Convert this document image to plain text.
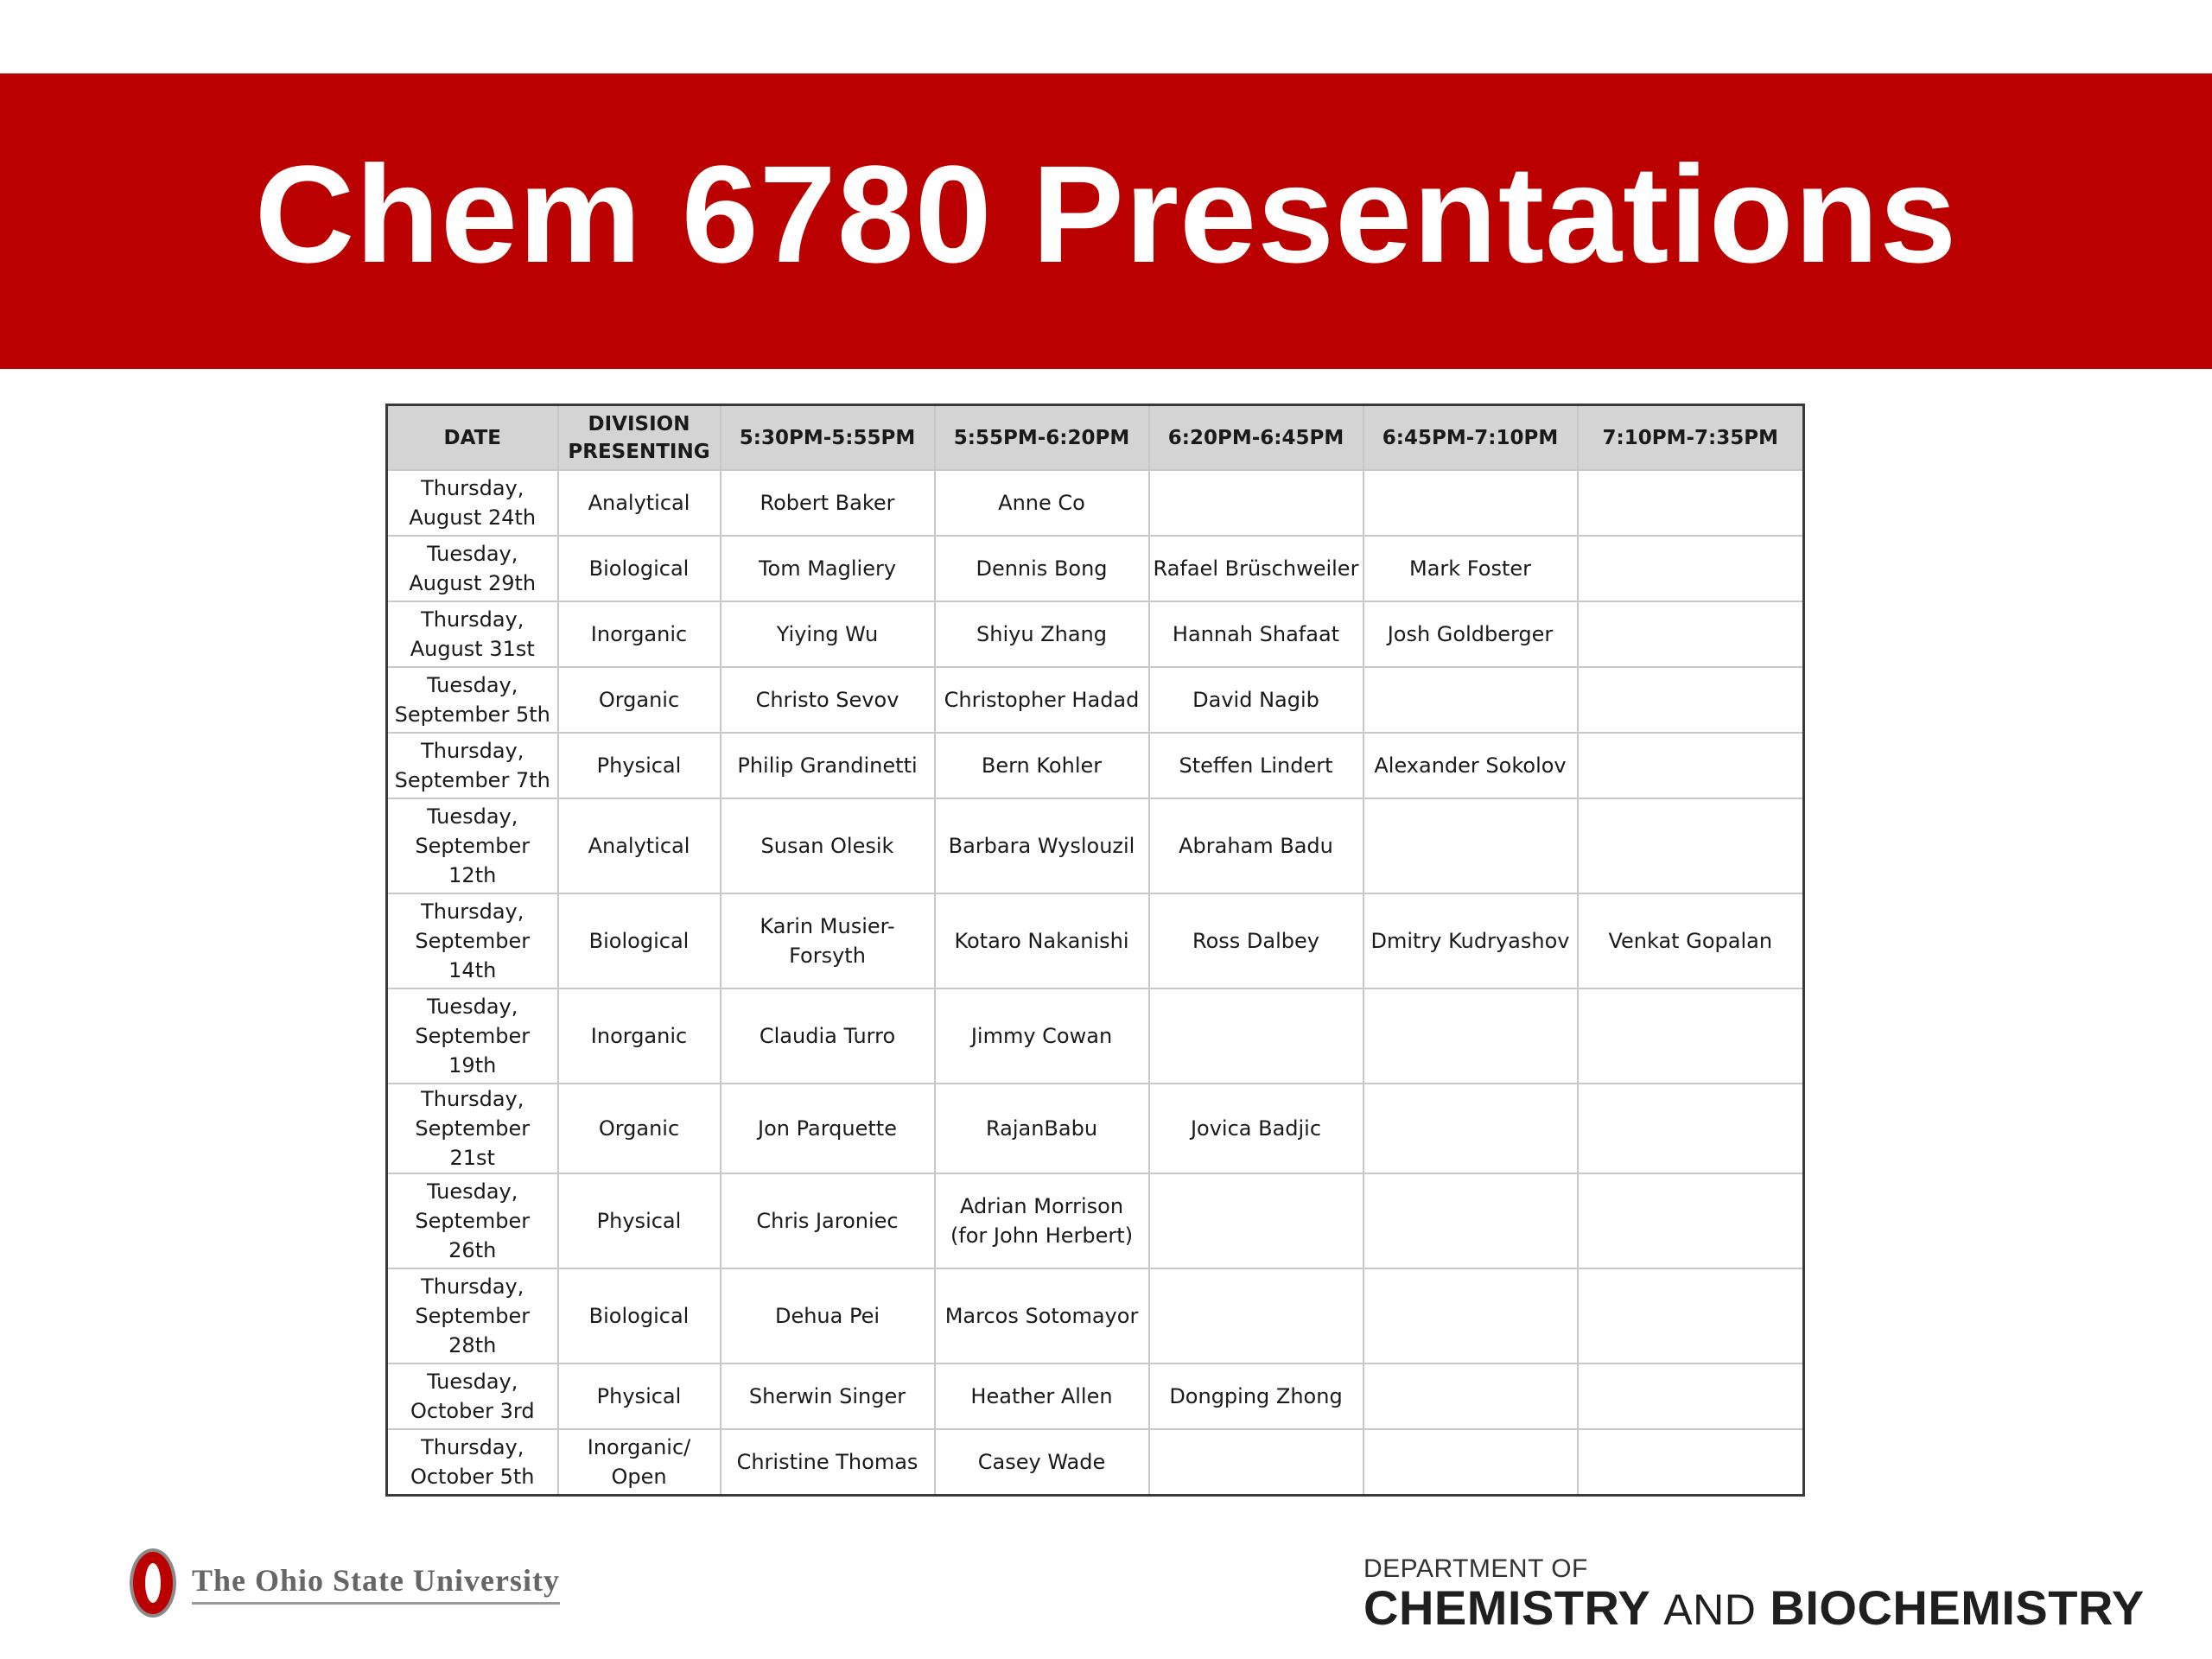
Chem 6780 Presentations
DATE	DIVISION PRESENTING	5:30PM-5:55PM	5:55PM-6:20PM	6:20PM-6:45PM	6:45PM-7:10PM	7:10PM-7:35PM
Thursday, August 24th	Analytical	Robert Baker	Anne Co			
Tuesday, August 29th	Biological	Tom Magliery	Dennis Bong	Rafael Brüschweiler	Mark Foster	
Thursday, August 31st	Inorganic	Yiying Wu	Shiyu Zhang	Hannah Shafaat	Josh Goldberger	
Tuesday, September 5th	Organic	Christo Sevov	Christopher Hadad	David Nagib		
Thursday, September 7th	Physical	Philip Grandinetti	Bern Kohler	Steffen Lindert	Alexander Sokolov	
Tuesday, September 12th	Analytical	Susan Olesik	Barbara Wyslouzil	Abraham Badu		
Thursday, September 14th	Biological	Karin Musier-Forsyth	Kotaro Nakanishi	Ross Dalbey	Dmitry Kudryashov	Venkat Gopalan
Tuesday, September 19th	Inorganic	Claudia Turro	Jimmy Cowan			
Thursday, September 21st	Organic	Jon Parquette	RajanBabu	Jovica Badjic		
Tuesday, September 26th	Physical	Chris Jaroniec	Adrian Morrison (for John Herbert)			
Thursday, September 28th	Biological	Dehua Pei	Marcos Sotomayor			
Tuesday, October 3rd	Physical	Sherwin Singer	Heather Allen	Dongping Zhong		
Thursday, October 5th	Inorganic/ Open	Christine Thomas	Casey Wade			
The Ohio State University	DEPARTMENT OF
CHEMISTRY AND BIOCHEMISTRY
